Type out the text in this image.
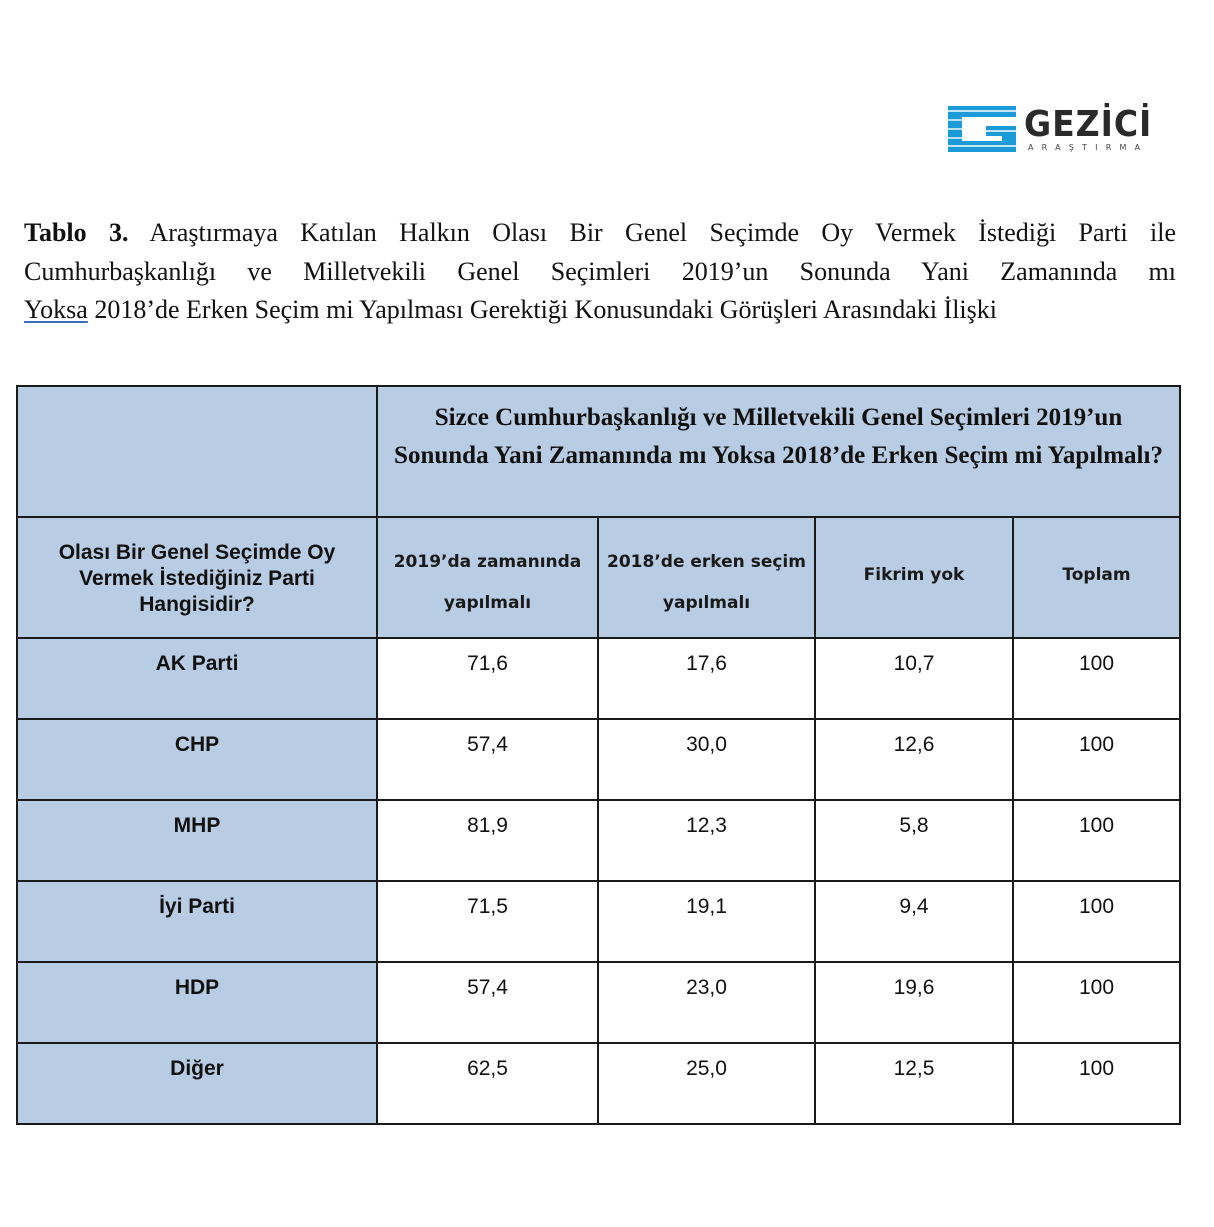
GEZİCİ
ARAŞTIRMA
Tablo 3. Araştırmaya Katılan Halkın Olası Bir Genel Seçimde Oy Vermek İstediği Parti ile
Cumhurbaşkanlığı ve Milletvekili Genel Seçimleri 2019’un Sonunda Yani Zamanında mı
Yoksa 2018’de Erken Seçim mi Yapılması Gerektiği Konusundaki Görüşleri Arasındaki İlişki
	Sizce Cumhurbaşkanlığı ve Milletvekili Genel Seçimleri 2019’un Sonunda Yani Zamanında mı Yoksa 2018’de Erken Seçim mi Yapılmalı?			
Olası Bir Genel Seçimde Oy Vermek İstediğiniz Parti Hangisidir?	2019’da zamanında yapılmalı	2018’de erken seçim yapılmalı	Fikrim yok	Toplam
AK Parti	71,6	17,6	10,7	100
CHP	57,4	30,0	12,6	100
MHP	81,9	12,3	5,8	100
İyi Parti	71,5	19,1	9,4	100
HDP	57,4	23,0	19,6	100
Diğer	62,5	25,0	12,5	100
